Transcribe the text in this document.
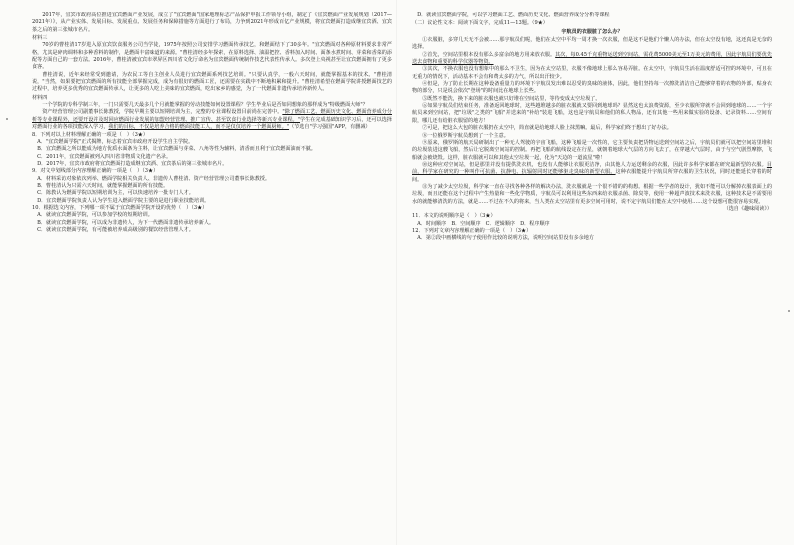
2017年，宜宾市政府高位推进宜宾燃面产业发展，成立了"宜宾燃面"国家地理标志产品保护申报工作领导小组，制定了《宜宾燃面产业发展规划（2017—2021年）》，从产业实体、发展目标、发展重点、发展任务和保障措施等方面进行了布局，力争到2021年形成百亿产业规模，将宜宾燃面打造成继宜宾酒、宜宾茶之后的第三张城市名片。

材料三

70岁的曹桂清17岁进入原宜宾饮食服务公司当学徒，1975年按照公司安排学习燃面传承技艺，和燃面结下了30多年。"宜宾燃面对各种原材料要求非常严格，尤其是碎肉调料和多种香料的制作，是燃面丰富味道的来源。"曹桂清经多年探索，在原料选择、油温把控、香料加入时间、面条水煮时间、芽菜和香菜的添配等方面自己的一套方法。2016年，曹桂清被宜宾市翠屏区四川省文化厅命名为宜宾燃面传统制作技艺代表性传承人。多次登上央视甚至让宜宾燃面拥有了更多食客。

曹桂清说，近年来经常受到邀请，为农民工等自主创业人员进行宜宾燃面系列技艺培训。"只要认真学，一般六天时间，就能掌握基本的技术。"曹桂清说，"当然，如果要把宜宾燃面的所有技能全部掌握完成，成为有很好的燃面工匠，还需要在实践中不断地积累和提升。"曹桂清希望在燃面学院讲授燃面技艺的过程中，培养更多优秀的宜宾燃面传承人，让更多的人吃上美味的宜宾燃面，吃出家乡的感觉，为了一代燃面非遗传承培养新传人。

材料四

一个学院的专科学制三年，一门只需要几天最多几个月就能掌握的劳动技能如何设置课程？学生毕业后是否如同想象的那样成为"特级燃面大师"？

资产经营管理公司副董事长陈教授，学院早期主要以短期培训为主，完整的专业课程设置目前尚在完善中。"除了燃面工艺、燃面历史文化、燃面营养成分分析等专业课程外，还要开设并及时回应燃面行业发展的加盟经营管理、推广宣传、甚至饮食行业选择等新兴专业课程。"学生在完成基础知识学习后，还可以选择对燃面行业的各项技能深入学习，我们的目标，不仅是培养合格的燃面技能工人，而不是仅仅培养一个燃面厨师。"（节选自"学习强国"APP，有删减）

8．下列对以上材料理解正确的一项是（　）（3★）

A．"宜宾燃面学院"正式揭牌，标志着宜宾市政府开设学生自主学院。

B．宜宾燃面之所以能成为地方优质水面条为主料，让宜宾燃面与芽菜、八角等性为辅料，清香而且利于宜宾燃面油而不腻。

C．2011年，宜宾燃面被列入四川省非物质文化遗产名录。

D．2017年，宜宾市政府将宜宾燃面打造成继宜宾酒、宜宾茶后的第三张城市名片。

9．对文中划线部分内容理解正确的一项是（　）（3★）

A．材料采访对象依次列举、燃面学院相关负责人、非遗传人曹桂清、资产经营管理公司董事长陈教授。

B．曹桂清认为只需六天时间，就能掌握燃面的所有技能。

C．陈教认为燃面学院以短期培训为主，可以快速培养一批专门人才。

D．宜宾燃面学院负责人认为学生进入燃面学院主要的是进行职业技能培训。

10．根据选文内容，下列哪一项不属于宜宾燃面学院开设的优势（　）（3★）

A．就读宜宾燃面学院，可以参加学校的短期培训。

B．就读宜宾燃面学院，可以成为非遗传人，为下一代燃面非遗传承培养新人。

C．就读宜宾燃面学院，有可能被培养成高级别的餐饮经营管理人才。

D．就读宜宾燃面学院，可以学习燃面工艺、燃面历史文化、燃面营养成分分析等课程

（二）议论性文本：阅读下面文字，完成11—13题。（9★）

宇航员的衣服脏了怎么办？

①衣服脏，多穿几天无不会被……那宇航员们呢，他们在太空中平均一周才换一次衣服，但是这不是他们个懒人的办法，但在太空没有地，这还真是无奈的选择。

②首先，空间站里根本没有那么多富余的地方用来放衣服。其次，每0.45千克重物运送到空间站，需花费5000美元至1万美元的费用，因此宇航员们要优先送去食物和重要的科学仪器等物资。

③其次，不换衣服也没有想象中的那么不卫生，因为在太空站里，衣服不像地球上那么容易弄脏。在太空中，宇航员生活在温度舒适可控的环境中，可且在无重力的情况下，活动基本不会有和费太多的力气，所以出汗较少。

④但是，为了防止长期在这种设备重量力的环境下宇航员发出难以忍受的臭味的液体，因此，他们坚持每一次擦洗清洁自己能够穿着的衣物的外部，贴身衣物的部分，只是说会依次"登场"的时间比在地球上长些。

⑤既然不能洗，换下来的脏衣服也就只好堆在空间站里，等待变成太空垃圾了。

⑥如果宇航员们结束任务，准备返回地球时，这些越堆越多的脏衣服就又要回到地球吗？显然这也太浪费资源，至少衣服所穿就不会回到地球的……一个宇航员来到空间站，把"垃圾"之类的"飞船"并送来的"补给"装进飞船，这也是宇航员和他们的私人物品，还有其他一些用来做实验的设备、记录资料……空间有限，哪儿还有给脏衣服留的地方！

⑦可是，把这么大包的脏衣服扔在太空中，简直就是给地球人脸上抹黑嘛。最后，科学家们终于想出了好办法。

⑧一位俄罗斯宇航员想到了一个主意。

⑨原来，俄罗斯的航天局研制出了一种无人驾驶的宇宙飞船，这种飞船是一次性的，它主要负责把货物运送到空间站之后，宇航员们就可以把空间站里堆积的垃圾装进这艘飞船，然后让它脱离空间站的控制。再把飞船的航线设定在行星，就朝着地球大气层的方向飞去了，在穿越大气层时，由于与空气剧烈摩擦，飞船就会被烧毁。这样，脏衣服就可以和其他太空垃圾一起，化为"天边的一道流星"啦！

⑩这种应对空间站，但是那里并没有提供洗衣机，也没有人能够让衣服更洁净，由其他人力运送剩余的衣服，因此许多科学家都在研究最新型的衣服。目前，科学家在研究的一种叫作可抗菌、抗静电、抗辐射同时还能够驱走臭味的新型衣服。这种衣服能提升宇航员所穿衣服的卫生状况，同时还能延长穿着的时间。

⑪为了减少太空垃圾，科学家一直在寻找各种各样的解决办法，洗衣服就是一个很不错的的构想。根据一些学者的设计，犹如不能可以分解掉衣服表面上的垃圾，而且还能在这个过程中产生热量和一些化学物质，宇航员可以利用这些东西来给衣服杀菌、除臭等，使用一种超声波技术来洗衣服，这种技术是不需要用水的就能够清洗的方法，就是……不过在不久的将来，当人类在太空站里有更多空间可用时，说不定宇航员们能在太空中使用……这个设想可能很容易实现。

（选自《趣味阅读》）

11．本文的说明顺序是（　）（3★）

A．时间顺序　B．空间顺序　C．逻辑顺序　D．程序顺序

12．下列对文章内容理解正确的一项是（　）（3★）

A．第②段中画横线的句子使用作比较的说明方法，说明空间站里没有多余地方
